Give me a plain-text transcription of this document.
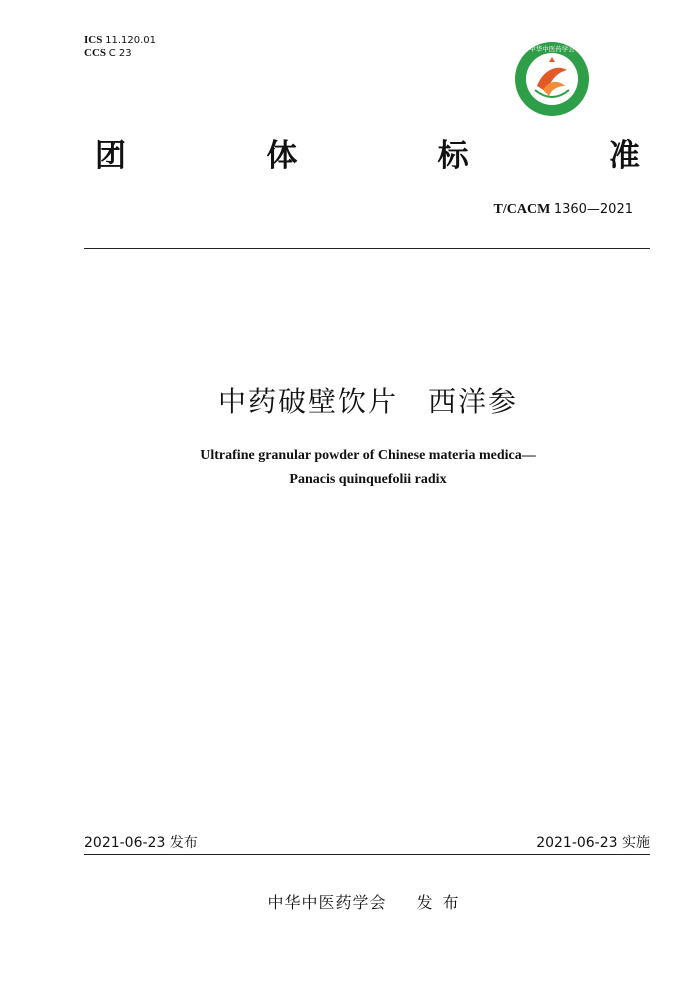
ICS 11.120.01
CCS C 23	中华中医药学会
团	体	标	准
T/CACM 1360—2021
中药破壁饮片 西洋参
Ultrafine granular powder of Chinese materia medica—
Panacis quinquefolii radix
2021-06-23 发布	2021-06-23 实施
中华中医药学会 发布
